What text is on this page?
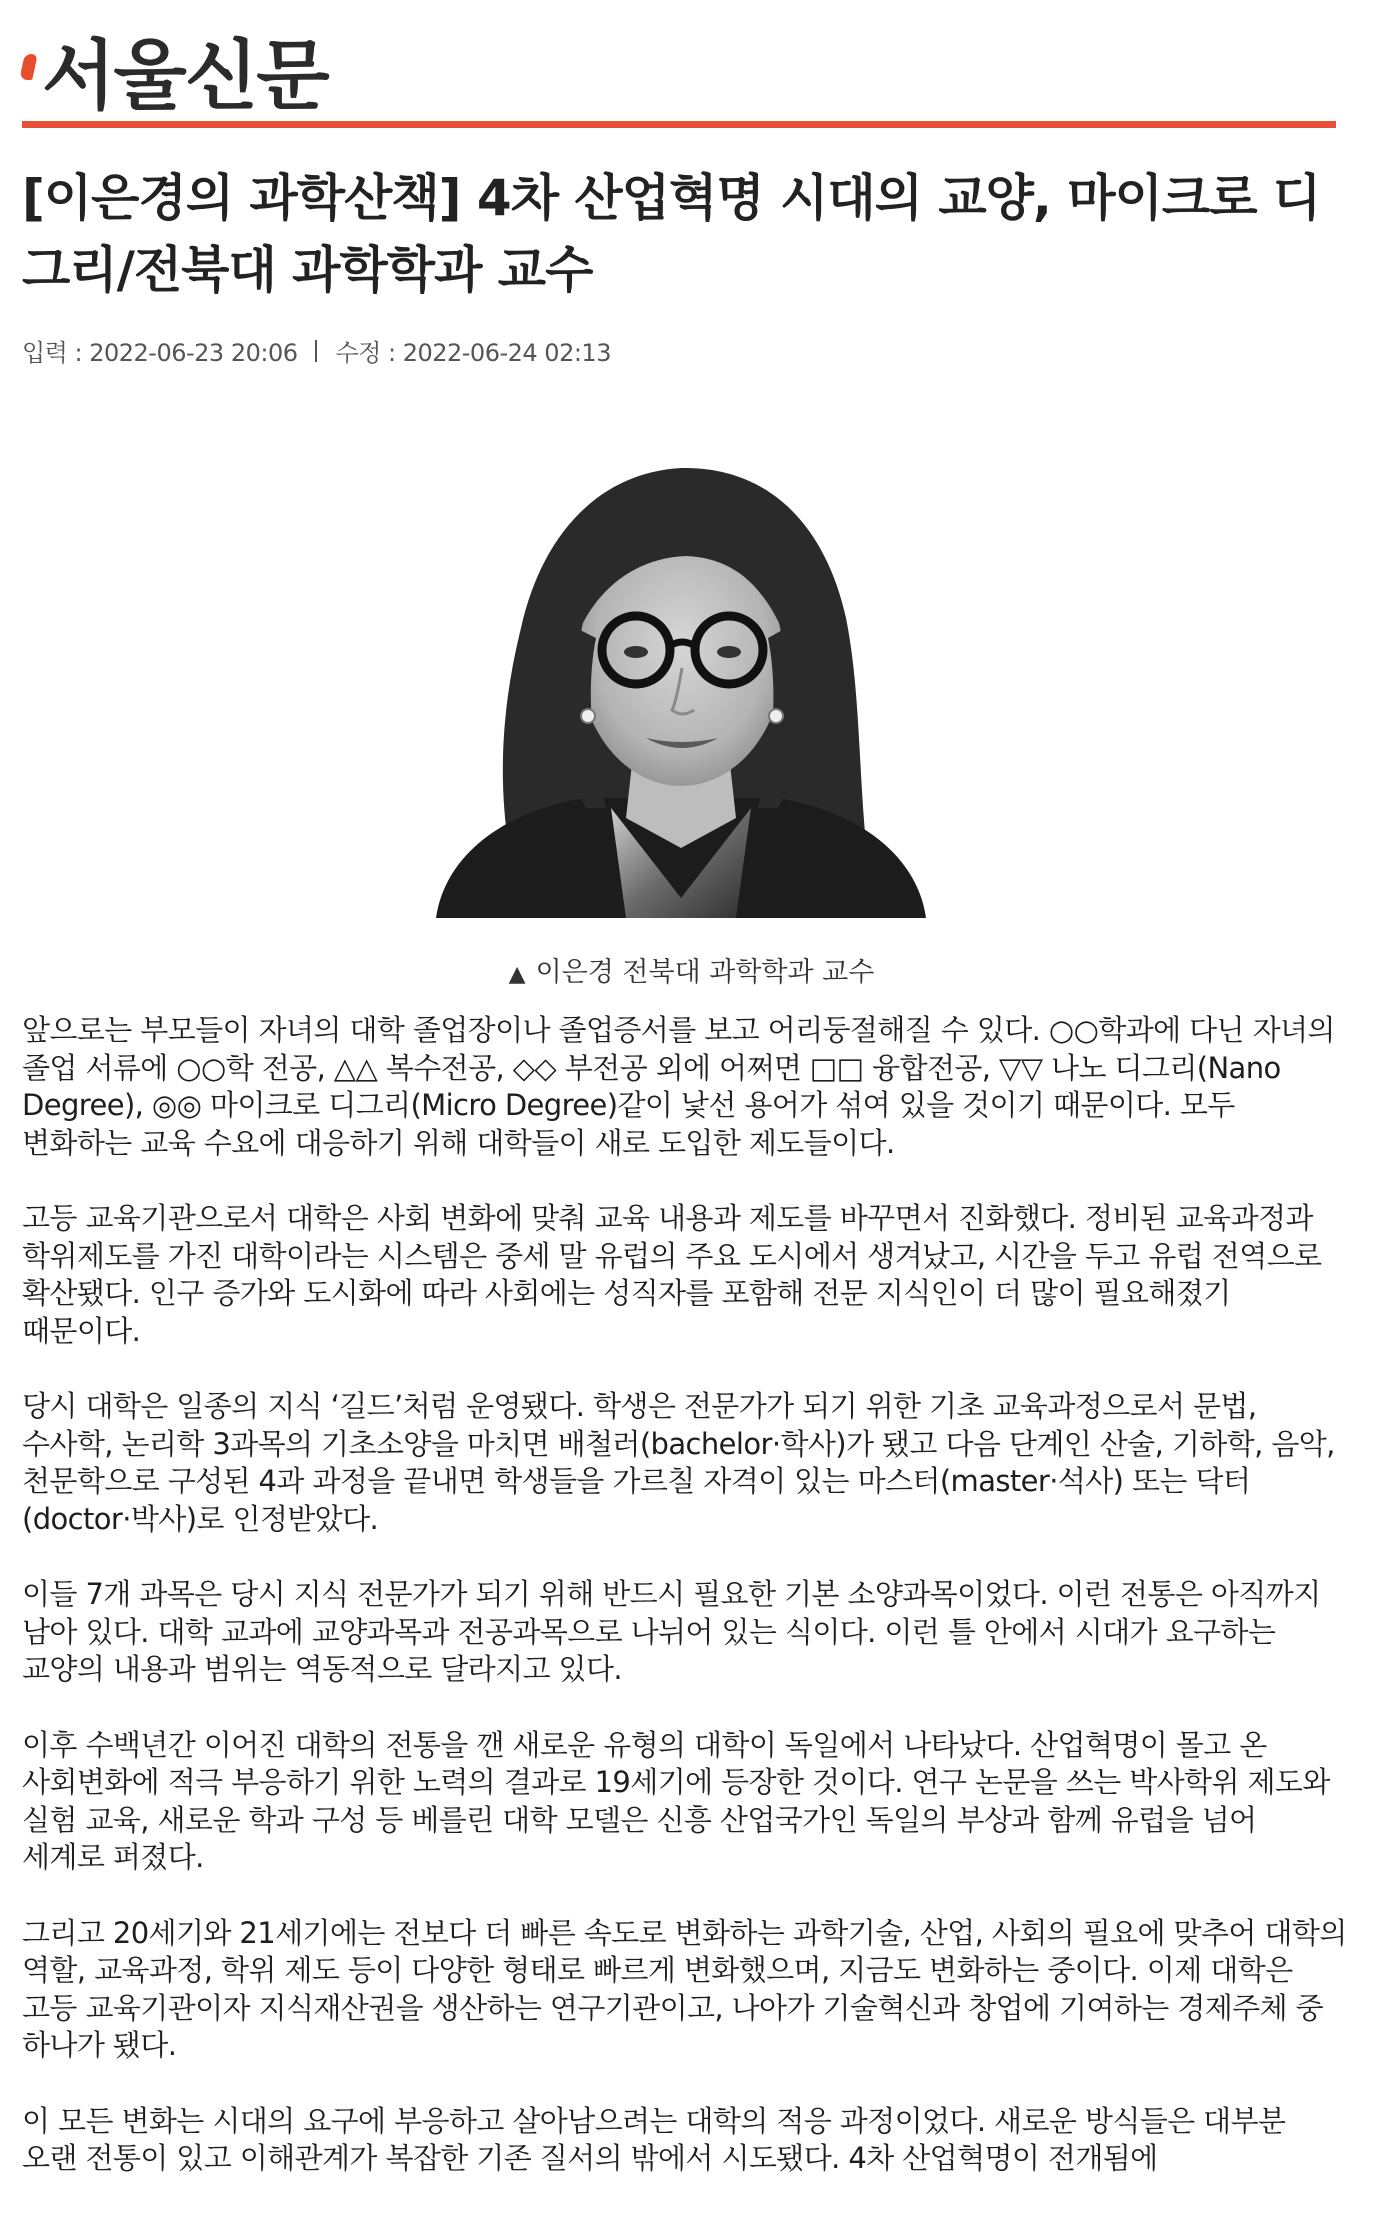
서울신문
[이은경의 과학산책] 4차 산업혁명 시대의 교양, 마이크로 디그리/전북대 과학학과 교수
입력 : 2022-06-23 20:06 수정 : 2022-06-24 02:13
▲ 이은경 전북대 과학학과 교수

앞으로는 부모들이 자녀의 대학 졸업장이나 졸업증서를 보고 어리둥절해질 수 있다. ○○학과에 다닌 자녀의 졸업 서류에 ○○학 전공, △△ 복수전공, ◇◇ 부전공 외에 어쩌면 □□ 융합전공, ▽▽ 나노 디그리(Nano Degree), ◎◎ 마이크로 디그리(Micro Degree)같이 낯선 용어가 섞여 있을 것이기 때문이다. 모두 변화하는 교육 수요에 대응하기 위해 대학들이 새로 도입한 제도들이다.

고등 교육기관으로서 대학은 사회 변화에 맞춰 교육 내용과 제도를 바꾸면서 진화했다. 정비된 교육과정과 학위제도를 가진 대학이라는 시스템은 중세 말 유럽의 주요 도시에서 생겨났고, 시간을 두고 유럽 전역으로 확산됐다. 인구 증가와 도시화에 따라 사회에는 성직자를 포함해 전문 지식인이 더 많이 필요해졌기 때문이다.

당시 대학은 일종의 지식 ‘길드’처럼 운영됐다. 학생은 전문가가 되기 위한 기초 교육과정으로서 문법, 수사학, 논리학 3과목의 기초소양을 마치면 배철러(bachelor·학사)가 됐고 다음 단계인 산술, 기하학, 음악, 천문학으로 구성된 4과 과정을 끝내면 학생들을 가르칠 자격이 있는 마스터(master·석사) 또는 닥터(doctor·박사)로 인정받았다.

이들 7개 과목은 당시 지식 전문가가 되기 위해 반드시 필요한 기본 소양과목이었다. 이런 전통은 아직까지 남아 있다. 대학 교과에 교양과목과 전공과목으로 나뉘어 있는 식이다. 이런 틀 안에서 시대가 요구하는 교양의 내용과 범위는 역동적으로 달라지고 있다.

이후 수백년간 이어진 대학의 전통을 깬 새로운 유형의 대학이 독일에서 나타났다. 산업혁명이 몰고 온 사회변화에 적극 부응하기 위한 노력의 결과로 19세기에 등장한 것이다. 연구 논문을 쓰는 박사학위 제도와 실험 교육, 새로운 학과 구성 등 베를린 대학 모델은 신흥 산업국가인 독일의 부상과 함께 유럽을 넘어 세계로 퍼졌다.

그리고 20세기와 21세기에는 전보다 더 빠른 속도로 변화하는 과학기술, 산업, 사회의 필요에 맞추어 대학의 역할, 교육과정, 학위 제도 등이 다양한 형태로 빠르게 변화했으며, 지금도 변화하는 중이다. 이제 대학은 고등 교육기관이자 지식재산권을 생산하는 연구기관이고, 나아가 기술혁신과 창업에 기여하는 경제주체 중 하나가 됐다.

이 모든 변화는 시대의 요구에 부응하고 살아남으려는 대학의 적응 과정이었다. 새로운 방식들은 대부분 오랜 전통이 있고 이해관계가 복잡한 기존 질서의 밖에서 시도됐다. 4차 산업혁명이 전개됨에
